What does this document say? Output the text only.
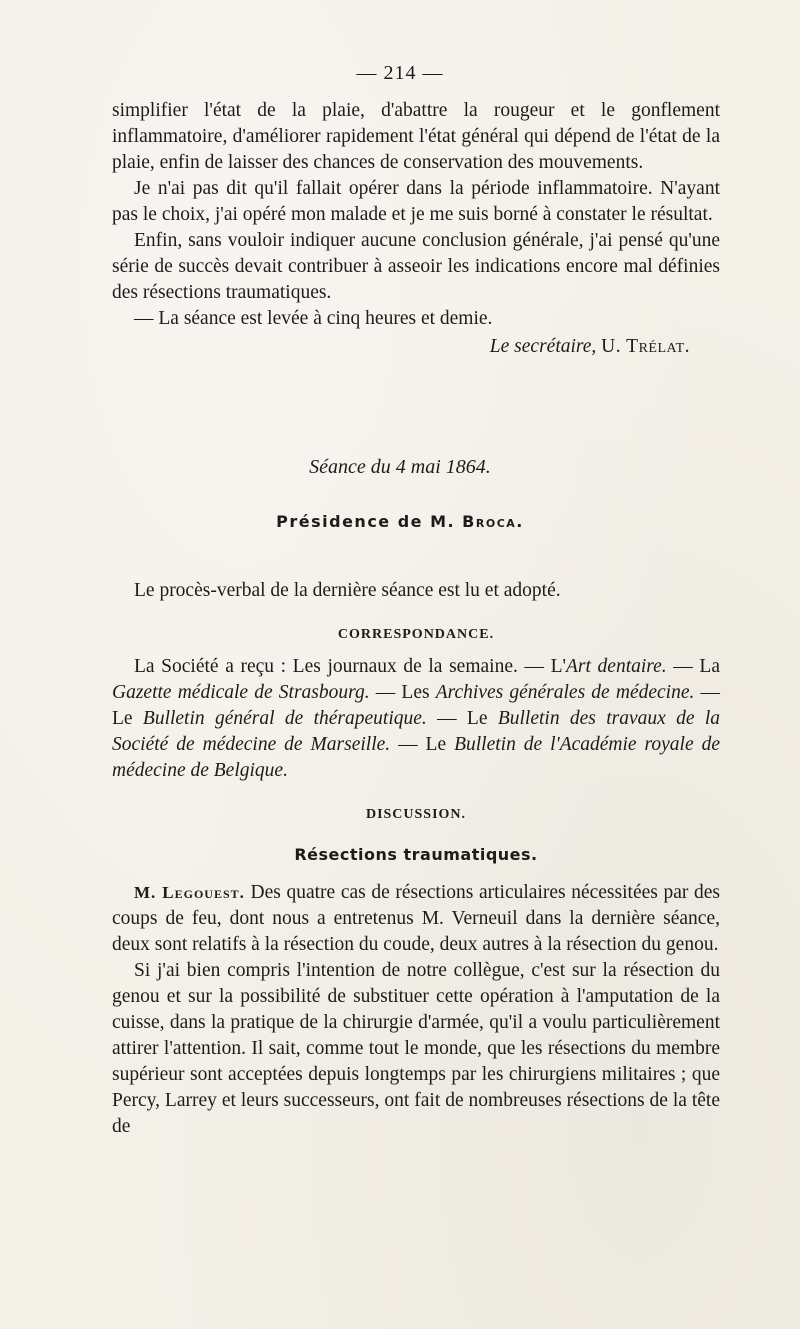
— 214 —

simplifier l'état de la plaie, d'abattre la rougeur et le gonflement inflammatoire, d'améliorer rapidement l'état général qui dépend de l'état de la plaie, enfin de laisser des chances de conservation des mouvements.

Je n'ai pas dit qu'il fallait opérer dans la période inflammatoire. N'ayant pas le choix, j'ai opéré mon malade et je me suis borné à constater le résultat.

Enfin, sans vouloir indiquer aucune conclusion générale, j'ai pensé qu'une série de succès devait contribuer à asseoir les indications encore mal définies des résections traumatiques.

— La séance est levée à cinq heures et demie.

Le secrétaire, U. Trélat.

Séance du 4 mai 1864.
Présidence de M. Broca.

Le procès-verbal de la dernière séance est lu et adopté.

CORRESPONDANCE.

La Société a reçu : Les journaux de la semaine. — L'Art dentaire. — La Gazette médicale de Strasbourg. — Les Archives générales de médecine. — Le Bulletin général de thérapeutique. — Le Bulletin des travaux de la Société de médecine de Marseille. — Le Bulletin de l'Académie royale de médecine de Belgique.

DISCUSSION.

Résections traumatiques.

M. Legouest. Des quatre cas de résections articulaires nécessitées par des coups de feu, dont nous a entretenus M. Verneuil dans la dernière séance, deux sont relatifs à la résection du coude, deux autres à la résection du genou.

Si j'ai bien compris l'intention de notre collègue, c'est sur la résection du genou et sur la possibilité de substituer cette opération à l'amputation de la cuisse, dans la pratique de la chirurgie d'armée, qu'il a voulu particulièrement attirer l'attention. Il sait, comme tout le monde, que les résections du membre supérieur sont acceptées depuis longtemps par les chirurgiens militaires ; que Percy, Larrey et leurs successeurs, ont fait de nombreuses résections de la tête de
